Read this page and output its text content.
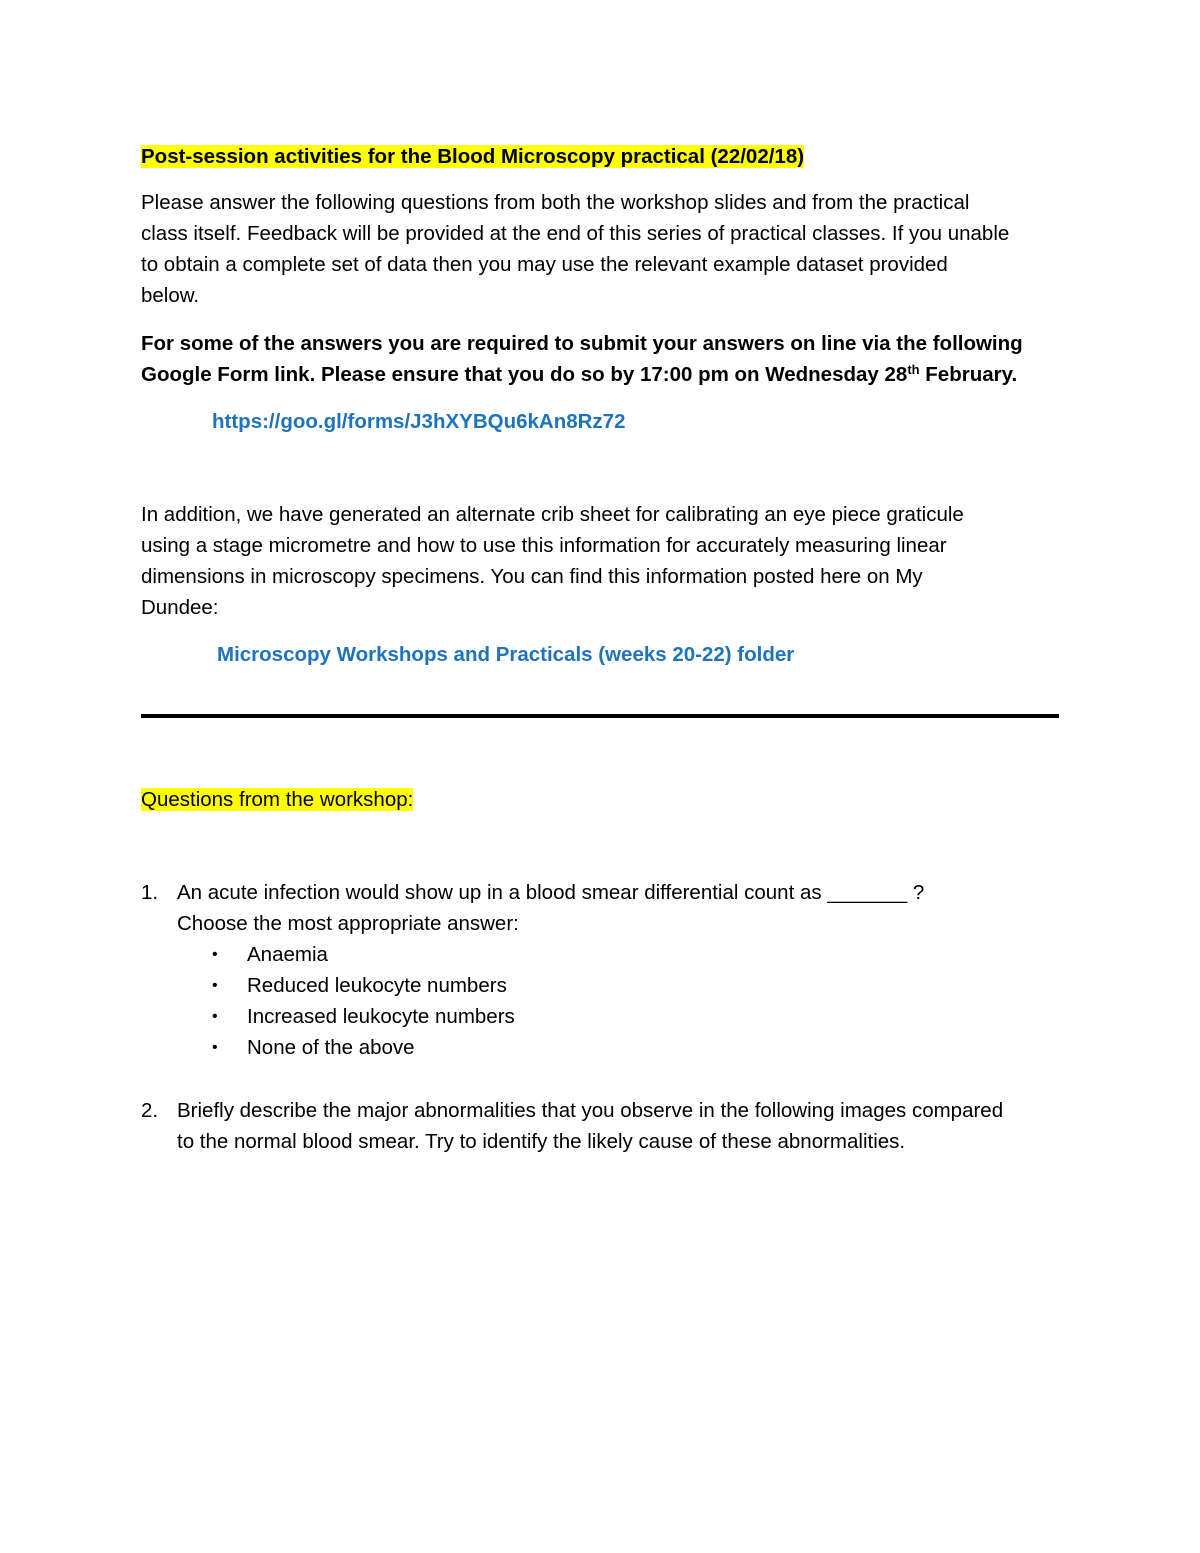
Post-session activities for the Blood Microscopy practical (22/02/18)
Please answer the following questions from both the workshop slides and from the practical
class itself. Feedback will be provided at the end of this series of practical classes. If you unable
to obtain a complete set of data then you may use the relevant example dataset provided
below.
For some of the answers you are required to submit your answers on line via the following
Google Form link. Please ensure that you do so by 17:00 pm on Wednesday 28th February.
https://goo.gl/forms/J3hXYBQu6kAn8Rz72
In addition, we have generated an alternate crib sheet for calibrating an eye piece graticule
using a stage micrometre and how to use this information for accurately measuring linear
dimensions in microscopy specimens. You can find this information posted here on My
Dundee:
Microscopy Workshops and Practicals (weeks 20-22) folder
Questions from the workshop:
1. An acute infection would show up in a blood smear differential count as _______ ?
Choose the most appropriate answer:
•	Anaemia
•	Reduced leukocyte numbers
•	Increased leukocyte numbers
•	None of the above
2. Briefly describe the major abnormalities that you observe in the following images compared
to the normal blood smear. Try to identify the likely cause of these abnormalities.
